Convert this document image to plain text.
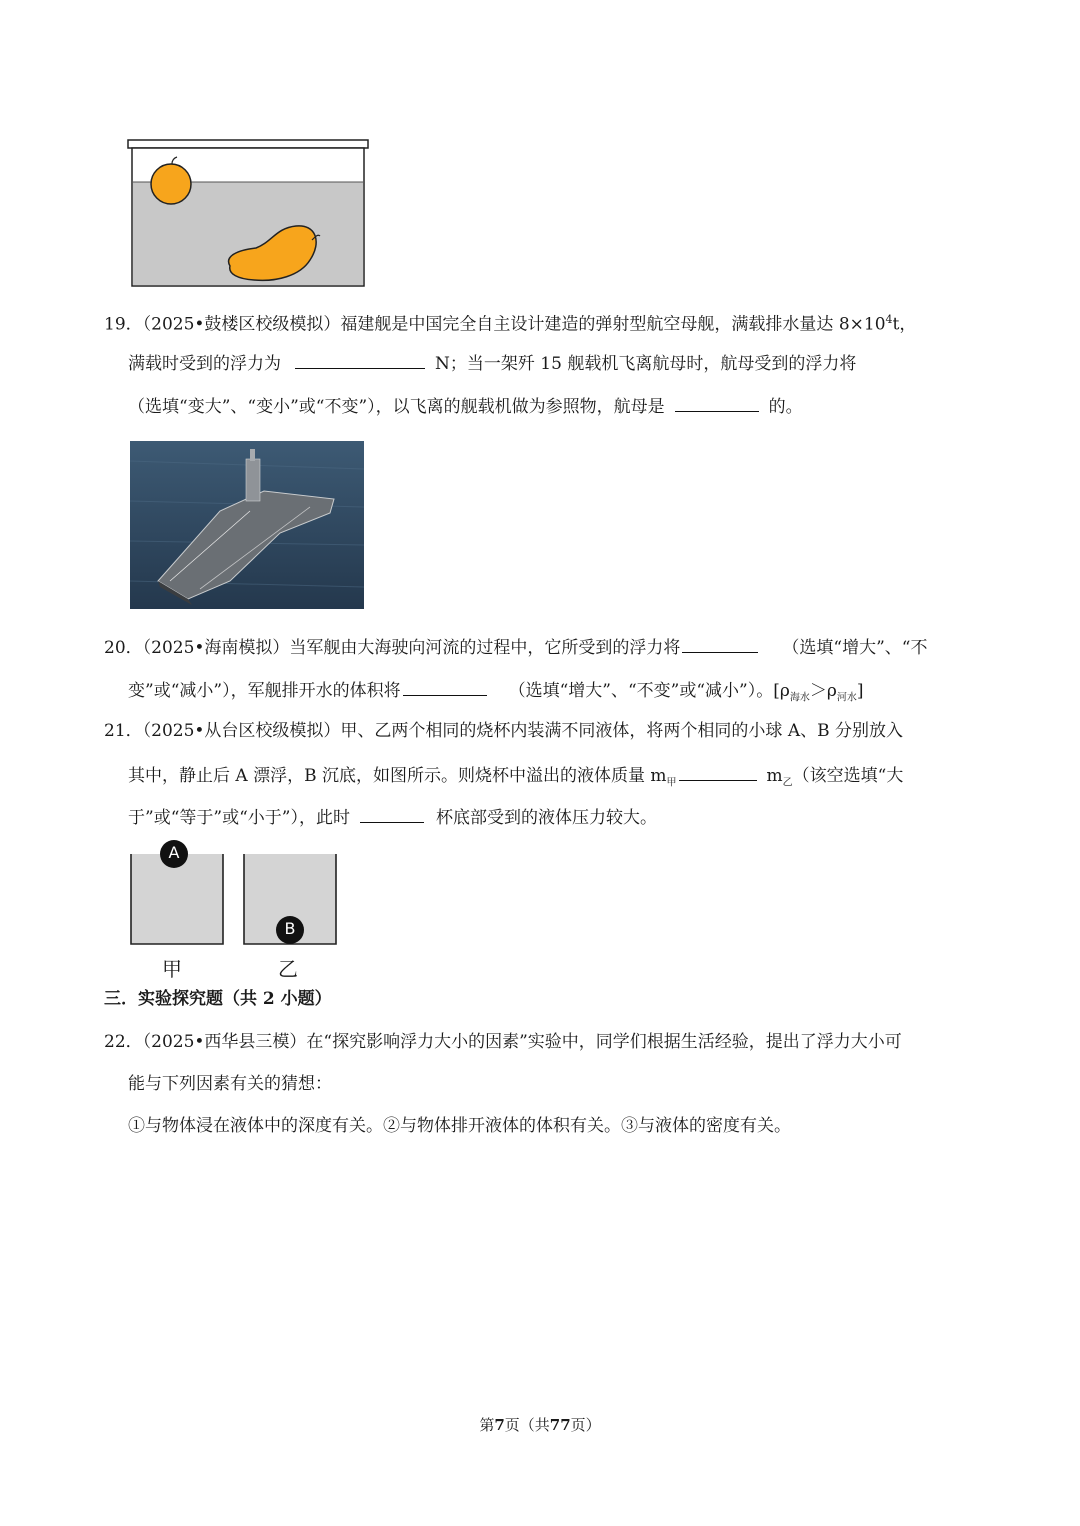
19．（2025•鼓楼区校级模拟）福建舰是中国完全自主设计建造的弹射型航空母舰，满载排水量达 $8\times 10^4t$，
满载时受到的浮力为	N；当一架歼 15 舰载机飞离航母时，航母受到的浮力将
（选填“变大”、“变小”或“不变”），以飞离的舰载机做为参照物，航母是	的。
20．（2025•海南模拟）当军舰由大海驶向河流的过程中，它所受到的浮力将	（选填“增大”、“不
变”或“减小”），军舰排开水的体积将	（选填“增大”、“不变”或“减小”）。$[\rho_{海水}>\rho_{河水}]$
21．（2025•从台区校级模拟）甲、乙两个相同的烧杯内装满不同液体，将两个相同的小球 A、B 分别放入
其中，静止后 A 漂浮，B 沉底，如图所示。则烧杯中溢出的液体质量 $m_甲$	$m_乙$（该空选填“大
于”或“等于”或“小于”），此时	杯底部受到的液体压力较大。
A
B
甲	乙
三．实验探究题（共 2 小题）
22．（2025•西华县三模）在“探究影响浮力大小的因素”实验中，同学们根据生活经验，提出了浮力大小可
能与下列因素有关的猜想：
①与物体浸在液体中的深度有关。②与物体排开液体的体积有关。③与液体的密度有关。
第7页（共77页）
